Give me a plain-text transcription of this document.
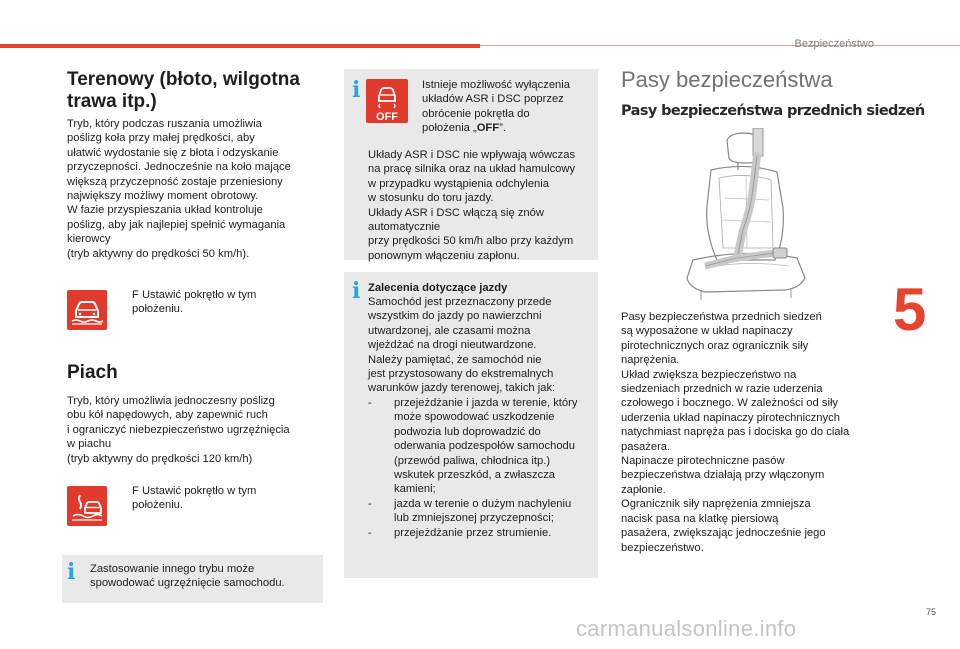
Bezpieczeństwo
5
Terenowy (błoto, wilgotna
trawa itp.)
Tryb, który podczas ruszania umożliwia
poślizg koła przy małej prędkości, aby
ułatwić wydostanie się z błota i odzyskanie
przyczepności. Jednocześnie na koło mające
większą przyczepność zostaje przeniesiony
największy możliwy moment obrotowy.
W fazie przyspieszania układ kontroluje
poślizg, aby jak najlepiej spełnić wymagania
kierowcy
(tryb aktywny do prędkości 50 km/h).
F Ustawić pokrętło w tym
położeniu.
Piach
Tryb, który umożliwia jednoczesny poślizg
obu kół napędowych, aby zapewnić ruch
i ograniczyć niebezpieczeństwo ugrzęźnięcia
w piachu
(tryb aktywny do prędkości 120 km/h)
F Ustawić pokrętło w tym
położeniu.
i Zastosowanie innego trybu może
spowodować ugrzęźnięcie samochodu.
i
OFF
Istnieje możliwość wyłączenia
układów ASR i DSC poprzez
obrócenie pokrętła do
położenia „OFF”.
Układy ASR i DSC nie wpływają wówczas
na pracę silnika oraz na układ hamulcowy
w przypadku wystąpienia odchylenia
w stosunku do toru jazdy.
Układy ASR i DSC włączą się znów automatycznie
przy prędkości 50 km/h albo przy każdym
ponownym włączeniu zapłonu.
i Zalecenia dotyczące jazdy
Samochód jest przeznaczony przede
wszystkim do jazdy po nawierzchni
utwardzonej, ale czasami można
wjeżdżać na drogi nieutwardzone.
Należy pamiętać, że samochód nie
jest przystosowany do ekstremalnych
warunków jazdy terenowej, takich jak:
-	przejeżdżanie i jazda w terenie, który
może spowodować uszkodzenie
podwozia lub doprowadzić do
oderwania podzespołów samochodu
(przewód paliwa, chłodnica itp.)
wskutek przeszkód, a zwłaszcza
kamieni;
-	jazda w terenie o dużym nachyleniu
lub zmniejszonej przyczepności;
-	przejeżdżanie przez strumienie.
Pasy bezpieczeństwa
Pasy bezpieczeństwa przednich siedzeń
Pasy bezpieczeństwa przednich siedzeń
są wyposażone w układ napinaczy
pirotechnicznych oraz ogranicznik siły
naprężenia.
Układ zwiększa bezpieczeństwo na
siedzeniach przednich w razie uderzenia
czołowego i bocznego. W zależności od siły
uderzenia układ napinaczy pirotechnicznych
natychmiast napręża pas i dociska go do ciała
pasażera.
Napinacze pirotechniczne pasów
bezpieczeństwa działają przy włączonym
zapłonie.
Ogranicznik siły naprężenia zmniejsza
nacisk pasa na klatkę piersiową
pasażera, zwiększając jednocześnie jego
bezpieczeństwo.
75
carmanualsonline.info
